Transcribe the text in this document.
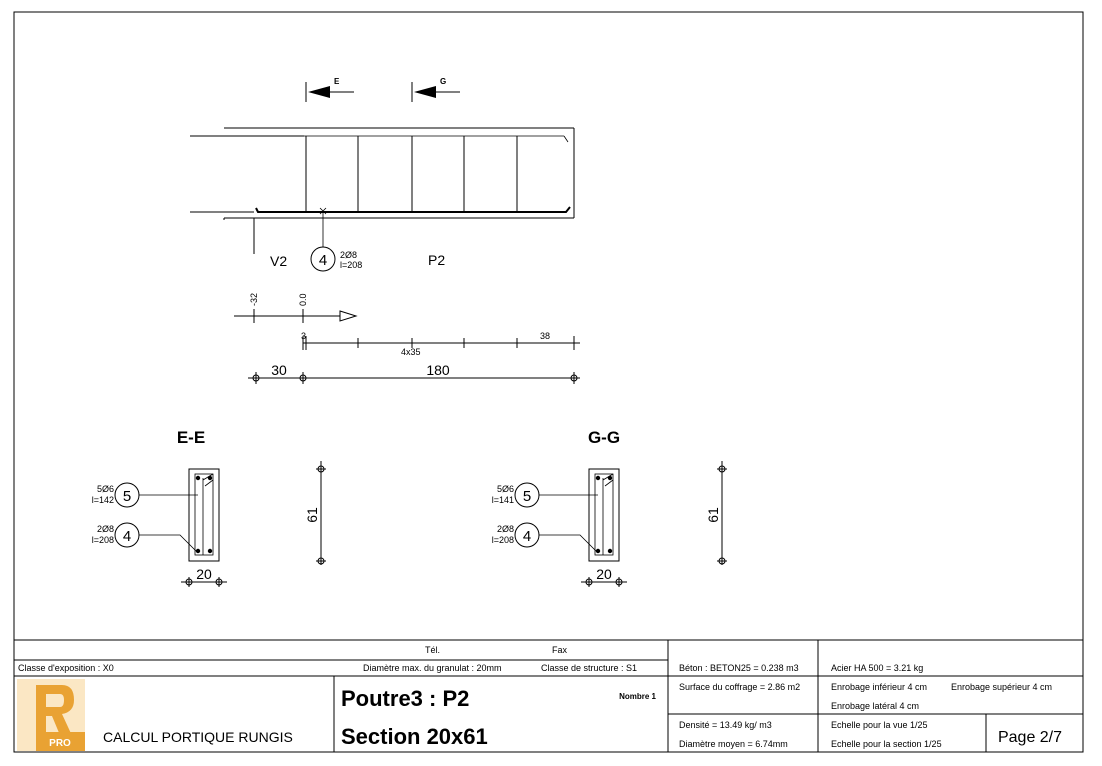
E	G
4 2Ø8
l=208
V2	P2
-32	0.0
3
4x35
38
30	180
E-E
5
5Ø6
l=142
4
2Ø8
l=208
61
20
G-G
5
5Ø6
l=141
4
2Ø8
l=208
61
20
Tél.	Fax
Classe d'exposition : X0	Diamètre max. du granulat : 20mm	Classe de structure : S1
PRO CALCUL PORTIQUE RUNGIS
Poutre3 : P2
Section 20x61
Nombre 1
Béton : BETON25 = 0.238 m3
Surface du coffrage = 2.86 m2
Densité = 13.49 kg/ m3
Diamètre moyen = 6.74mm
Acier HA 500 = 3.21 kg
Enrobage inférieur 4 cm	Enrobage supérieur 4 cm
Enrobage latéral 4 cm
Echelle pour la vue 1/25
Echelle pour la section 1/25	Page 2/7
